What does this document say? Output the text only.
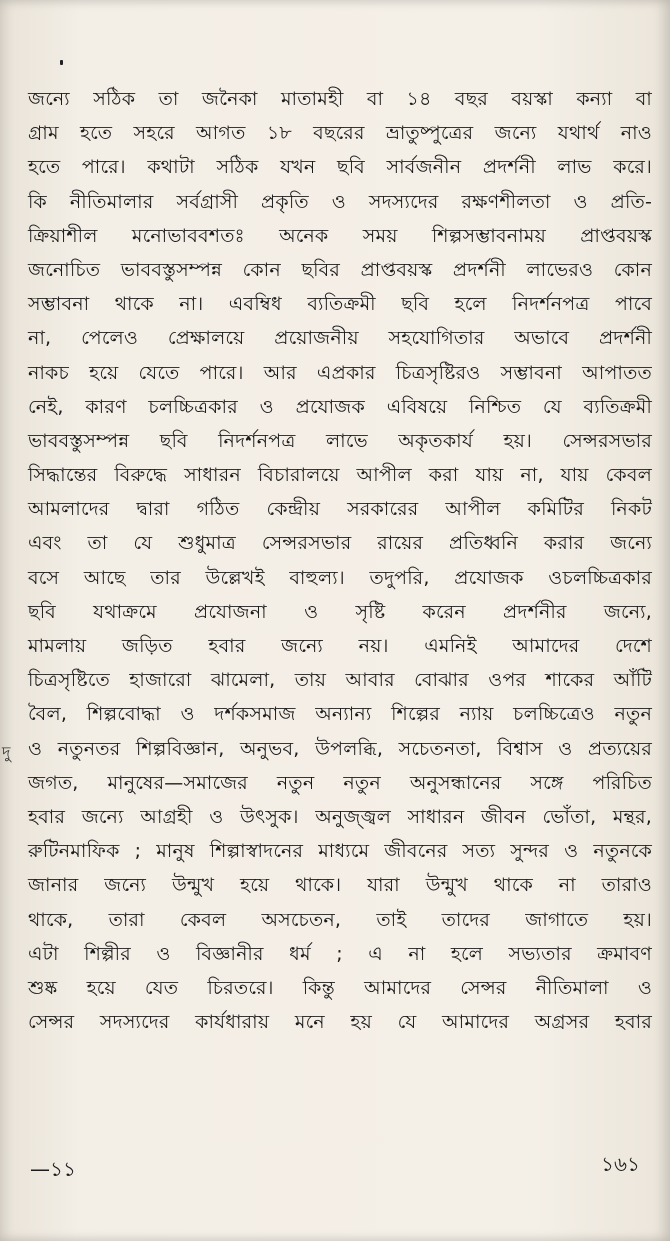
জন্যে সঠিক তা জনৈকা মাতামহী বা ১৪ বছর বয়স্কা কন্যা বা
গ্রাম হতে সহরে আগত ১৮ বছরের ভ্রাতুষ্পুত্রের জন্যে যথার্থ নাও
হতে পারে। কথাটা সঠিক যখন ছবি সার্বজনীন প্রদর্শনী লাভ করে।
কি নীতিমালার সর্বগ্রাসী প্রকৃতি ও সদস্যদের রক্ষণশীলতা ও প্রতি-
ক্রিয়াশীল মনোভাববশতঃ অনেক সময় শিল্পসম্ভাবনাময় প্রাপ্তবয়স্ক
জনোচিত ভাববস্তুসম্পন্ন কোন ছবির প্রাপ্তবয়স্ক প্রদর্শনী লাভেরও কোন
সম্ভাবনা থাকে না। এবম্বিধ ব্যতিক্রমী ছবি হলে নিদর্শনপত্র পাবে
না, পেলেও প্রেক্ষালয়ে প্রয়োজনীয় সহযোগিতার অভাবে প্রদর্শনী
নাকচ হয়ে যেতে পারে। আর এপ্রকার চিত্রসৃষ্টিরও সম্ভাবনা আপাতত
নেই, কারণ চলচ্চিত্রকার ও প্রযোজক এবিষয়ে নিশ্চিত যে ব্যতিক্রমী
ভাববস্তুসম্পন্ন ছবি নিদর্শনপত্র লাভে অকৃতকার্য হয়। সেন্সরসভার
সিদ্ধান্তের বিরুদ্ধে সাধারন বিচারালয়ে আপীল করা যায় না, যায় কেবল
আমলাদের দ্বারা গঠিত কেন্দ্রীয় সরকারের আপীল কমিটির নিকট
এবং তা যে শুধুমাত্র সেন্সরসভার রায়ের প্রতিধ্বনি করার জন্যে
বসে আছে তার উল্লেখই বাহুল্য। তদুপরি, প্রযোজক ওচলচ্চিত্রকার
ছবি যথাক্রমে প্রযোজনা ও সৃষ্টি করেন প্রদর্শনীর জন্যে,
মামলায় জড়িত হবার জন্যে নয়। এমনিই আমাদের দেশে
চিত্রসৃষ্টিতে হাজারো ঝামেলা, তায় আবার বোঝার ওপর শাকের আঁটি
বৈল, শিল্পবোদ্ধা ও দর্শকসমাজ অন্যান্য শিল্পের ন্যায় চলচ্চিত্রেও নতুন
ও নতুনতর শিল্পবিজ্ঞান, অনুভব, উপলব্ধি, সচেতনতা, বিশ্বাস ও প্রত্যয়ের
জগত, মানুষের—সমাজের নতুন নতুন অনুসন্ধানের সঙ্গে পরিচিত
হবার জন্যে আগ্রহী ও উৎসুক। অনুজ্জ্বল সাধারন জীবন ভোঁতা, মন্থর,
রুটিনমাফিক ; মানুষ শিল্পাস্বাদনের মাধ্যমে জীবনের সত্য সুন্দর ও নতুনকে
জানার জন্যে উন্মুখ হয়ে থাকে। যারা উন্মুখ থাকে না তারাও
থাকে, তারা কেবল অসচেতন, তাই তাদের জাগাতে হয়।
এটা শিল্পীর ও বিজ্ঞানীর ধর্ম ; এ না হলে সভ্যতার ক্রমাবণ
শুষ্ক হয়ে যেত চিরতরে। কিন্তু আমাদের সেন্সর নীতিমালা ও
সেন্সর সদস্যদের কার্যধারায় মনে হয় যে আমাদের অগ্রসর হবার
দু
—১১	১৬১
